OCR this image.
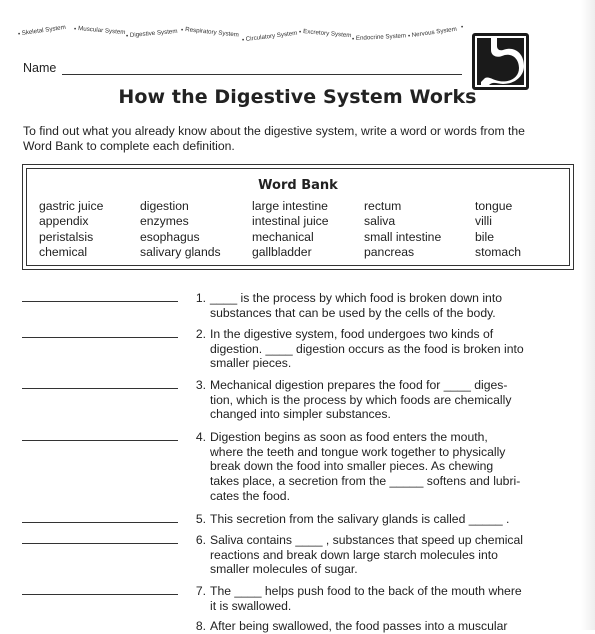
Skeletal System Muscular System Digestive System Respiratory System Circulatory System Excretory System Endocrine System Nervous System
•
•
•
•
•
•
•	•
•
Name
How the Digestive System Works
To find out what you already know about the digestive system, write a word or words from the Word Bank to complete each definition.
Word Bank
gastric juice
appendix
peristalsis
chemical
digestion
enzymes
esophagus
salivary glands
large intestine
intestinal juice
mechanical
gallbladder
rectum
saliva
small intestine
pancreas
tongue
villi
bile
stomach
1. ____ is the process by which food is broken down into
substances that can be used by the cells of the body.
2. In the digestive system, food undergoes two kinds of
digestion. ____ digestion occurs as the food is broken into
smaller pieces.
3. Mechanical digestion prepares the food for ____ diges-
tion, which is the process by which foods are chemically
changed into simpler substances.
4. Digestion begins as soon as food enters the mouth,
where the teeth and tongue work together to physically
break down the food into smaller pieces. As chewing
takes place, a secretion from the _____ softens and lubri-
cates the food.
5. This secretion from the salivary glands is called _____ .
6. Saliva contains ____ , substances that speed up chemical
reactions and break down large starch molecules into
smaller molecules of sugar.
7. The ____ helps push food to the back of the mouth where
it is swallowed.
8. After being swallowed, the food passes into a muscular
